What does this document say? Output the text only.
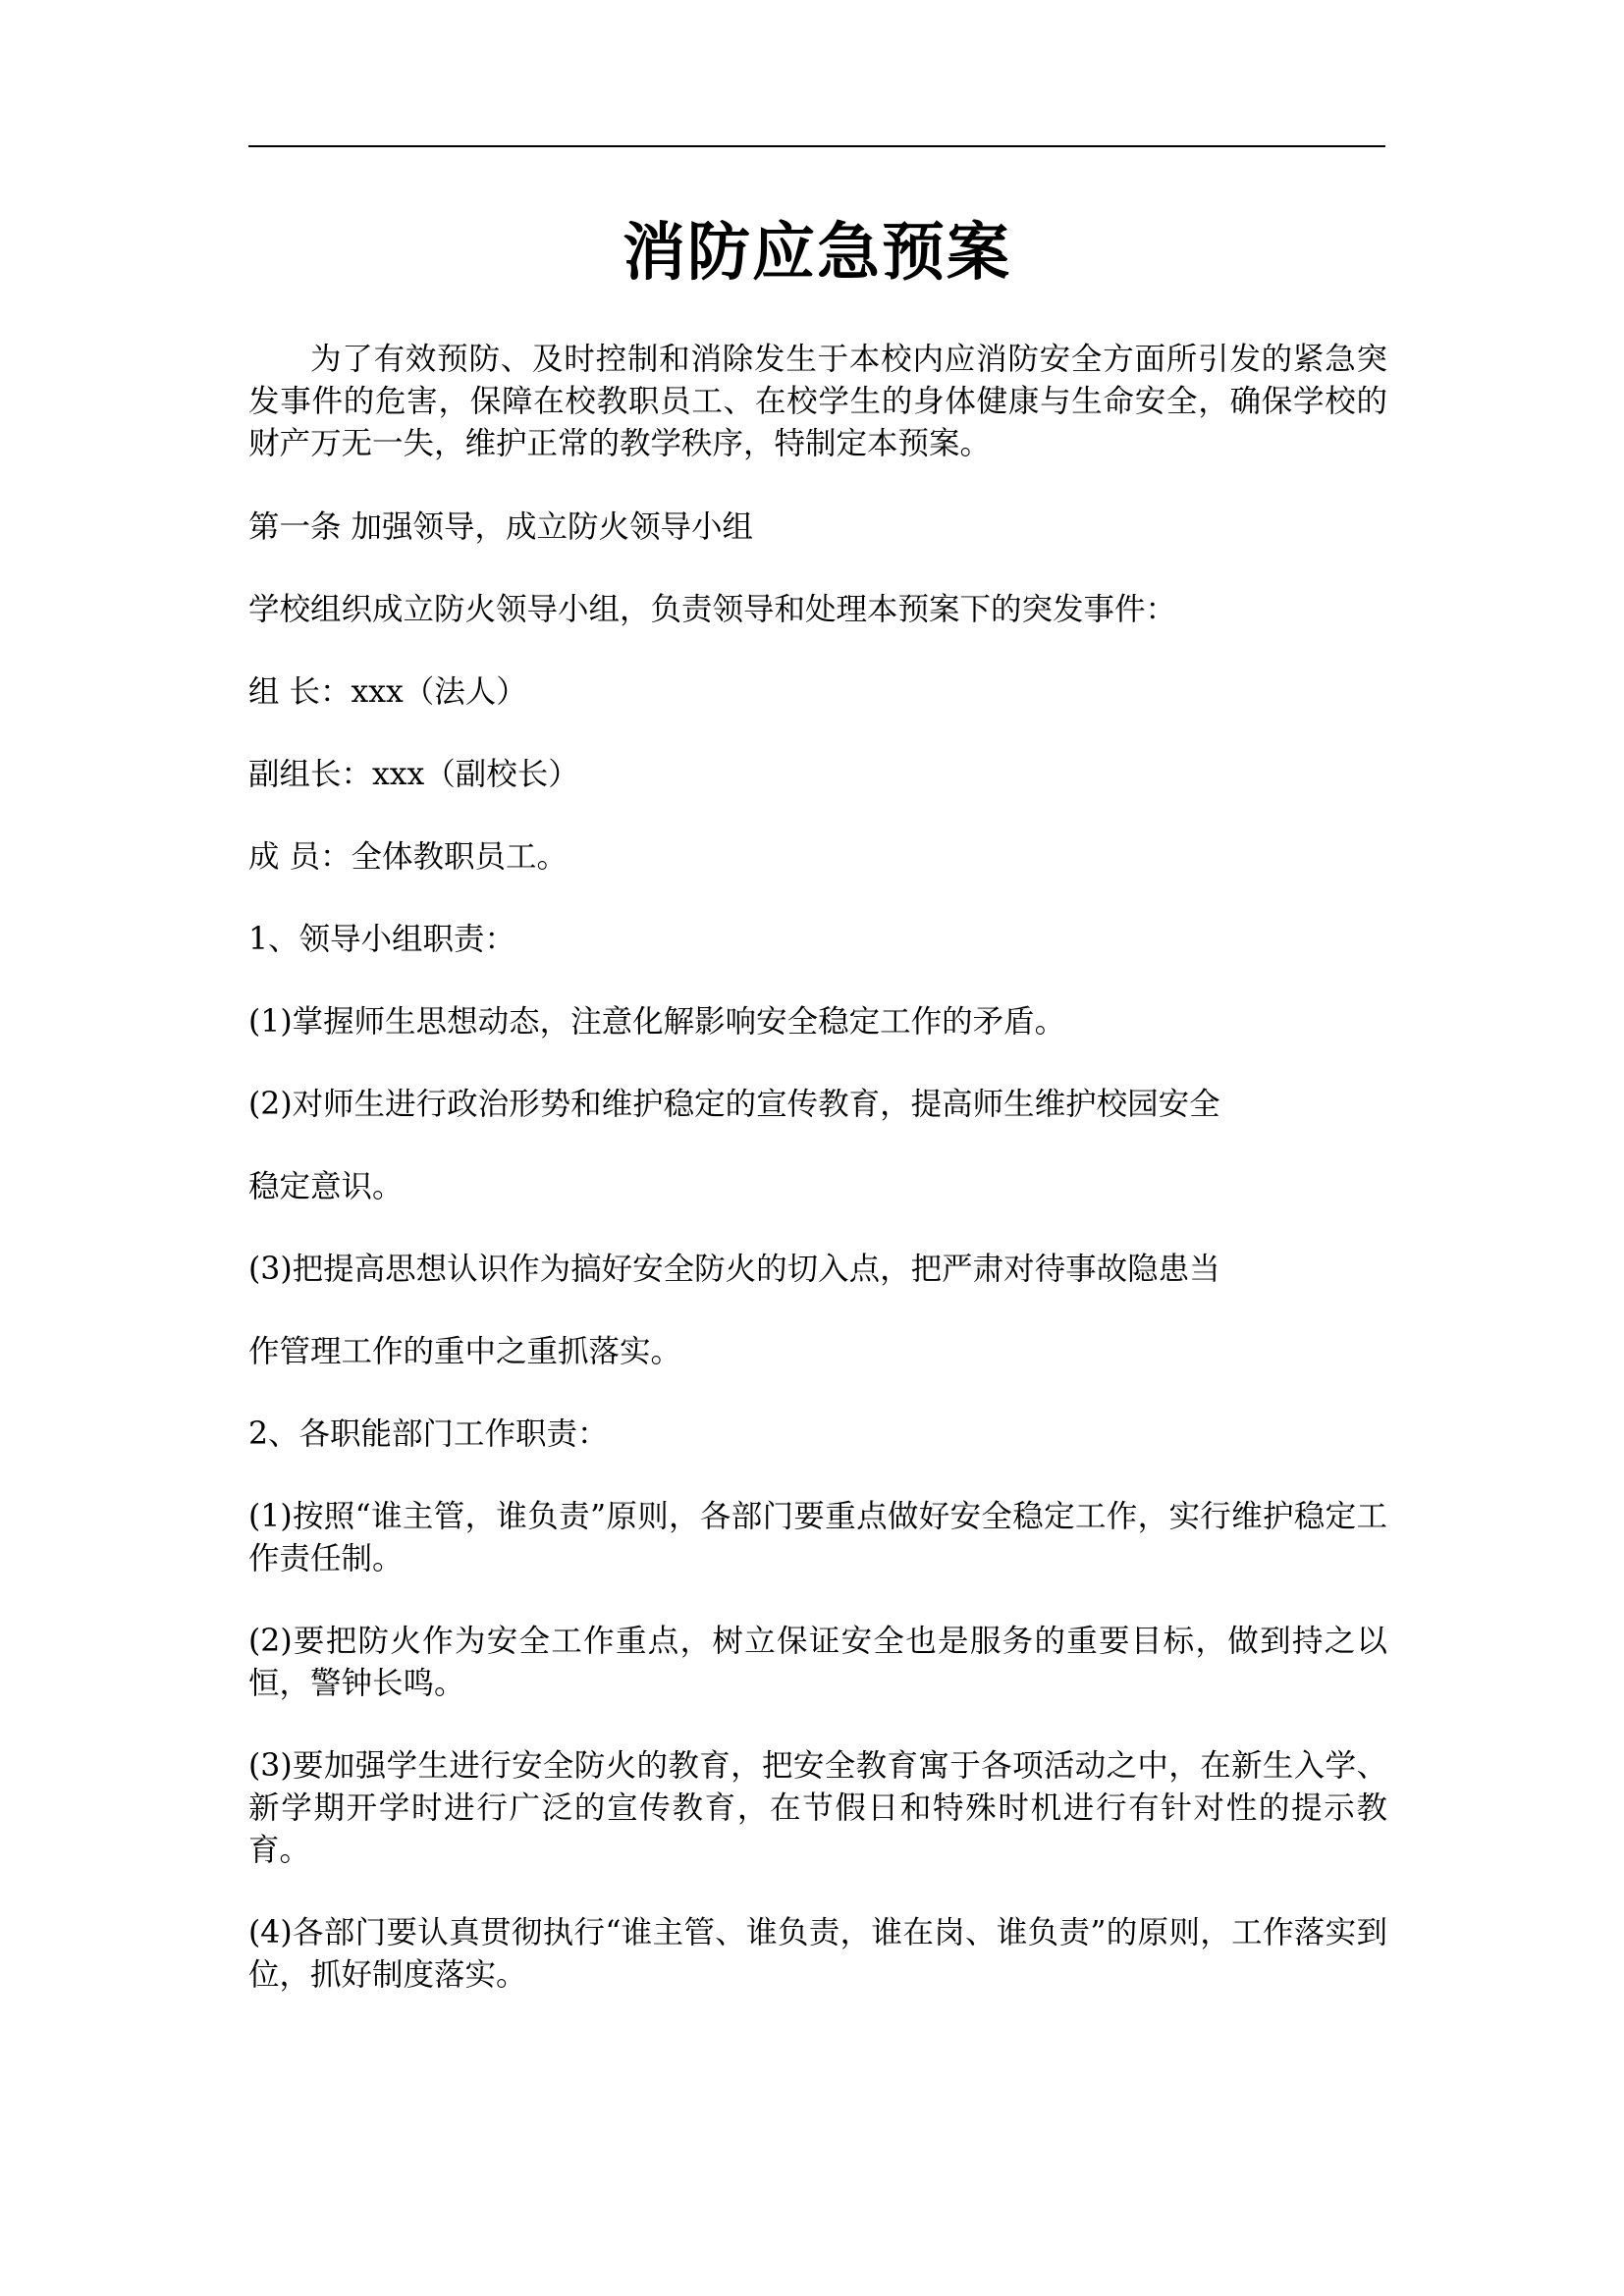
消防应急预案

为了有效预防、及时控制和消除发生于本校内应消防安全方面所引发的紧急突发事件的危害，保障在校教职员工、在校学生的身体健康与生命安全，确保学校的财产万无一失，维护正常的教学秩序，特制定本预案。

第一条 加强领导，成立防火领导小组

学校组织成立防火领导小组，负责领导和处理本预案下的突发事件：

组 长：xxx（法人）

副组长：xxx（副校长）

成 员：全体教职员工。

1、领导小组职责：

(1)掌握师生思想动态，注意化解影响安全稳定工作的矛盾。

(2)对师生进行政治形势和维护稳定的宣传教育，提高师生维护校园安全

稳定意识。

(3)把提高思想认识作为搞好安全防火的切入点，把严肃对待事故隐患当

作管理工作的重中之重抓落实。

2、各职能部门工作职责：

(1)按照“谁主管，谁负责”原则，各部门要重点做好安全稳定工作，实行维护稳定工作责任制。

(2)要把防火作为安全工作重点，树立保证安全也是服务的重要目标，做到持之以恒，警钟长鸣。

(3)要加强学生进行安全防火的教育，把安全教育寓于各项活动之中，在新生入学、新学期开学时进行广泛的宣传教育，在节假日和特殊时机进行有针对性的提示教育。

(4)各部门要认真贯彻执行“谁主管、谁负责，谁在岗、谁负责”的原则，工作落实到位，抓好制度落实。
